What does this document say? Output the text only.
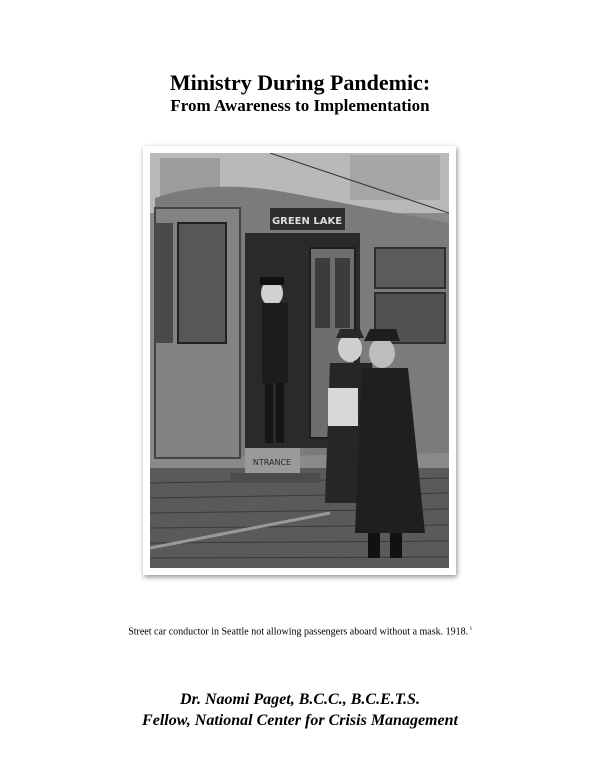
Ministry During Pandemic:
From Awareness to Implementation
GREEN LAKE
NTRANCE
Street car conductor in Seattle not allowing passengers aboard without a mask. 1918. $^i$
Dr. Naomi Paget, B.C.C., B.C.E.T.S.
Fellow, National Center for Crisis Management
